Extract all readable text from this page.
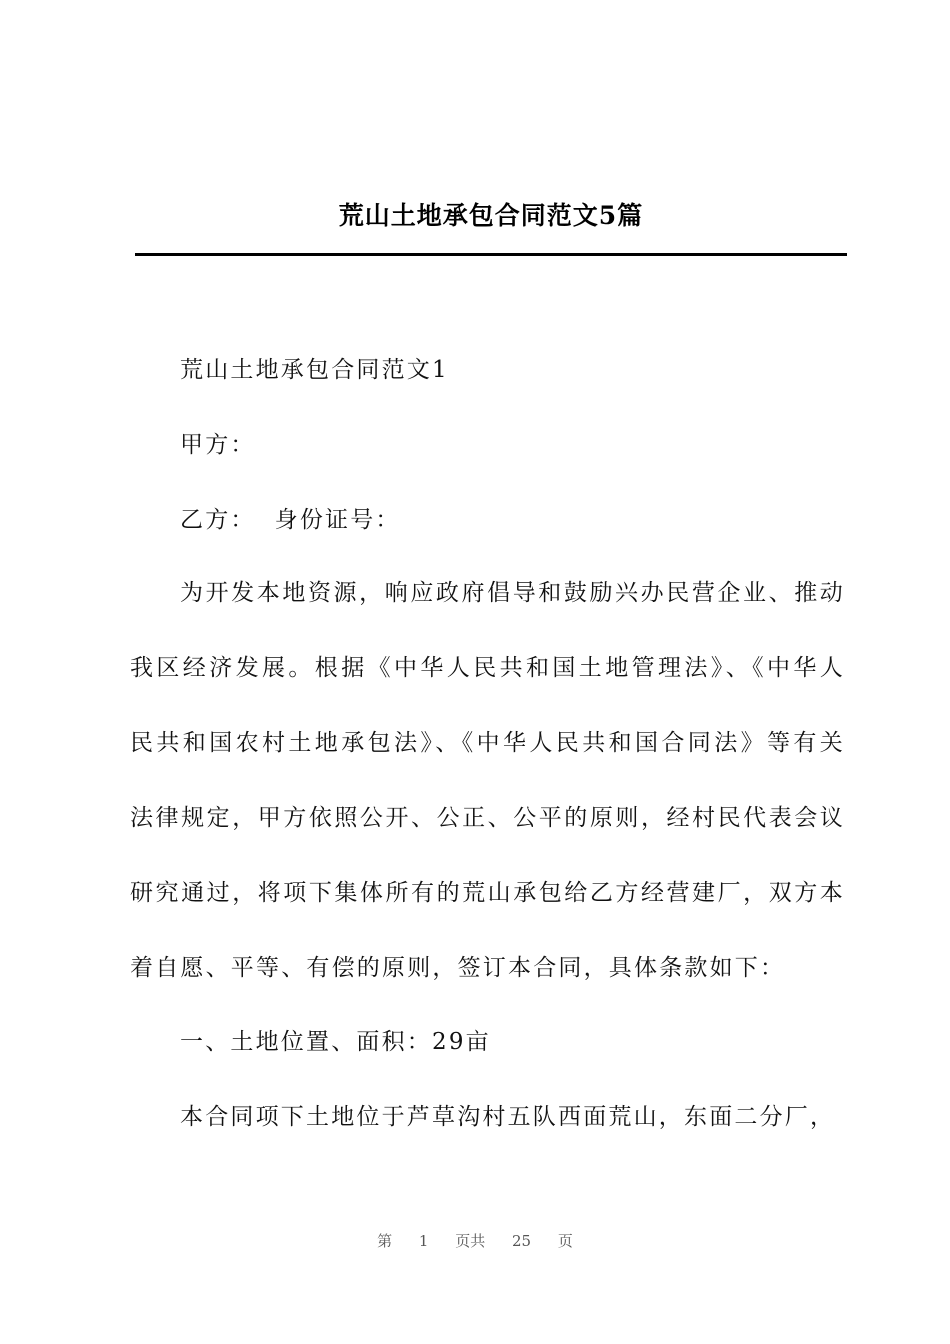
荒山土地承包合同范文5篇
荒山土地承包合同范文1
甲方：
乙方：  身份证号：
为开发本地资源，响应政府倡导和鼓励兴办民营企业、推动
我区经济发展。根据《中华人民共和国土地管理法》、《中华人
民共和国农村土地承包法》、《中华人民共和国合同法》等有关
法律规定，甲方依照公开、公正、公平的原则，经村民代表会议
研究通过，将项下集体所有的荒山承包给乙方经营建厂，双方本
着自愿、平等、有偿的原则，签订本合同，具体条款如下：
一、土地位置、面积：29亩
本合同项下土地位于芦草沟村五队西面荒山，东面二分厂，
第 1 页共 25 页
